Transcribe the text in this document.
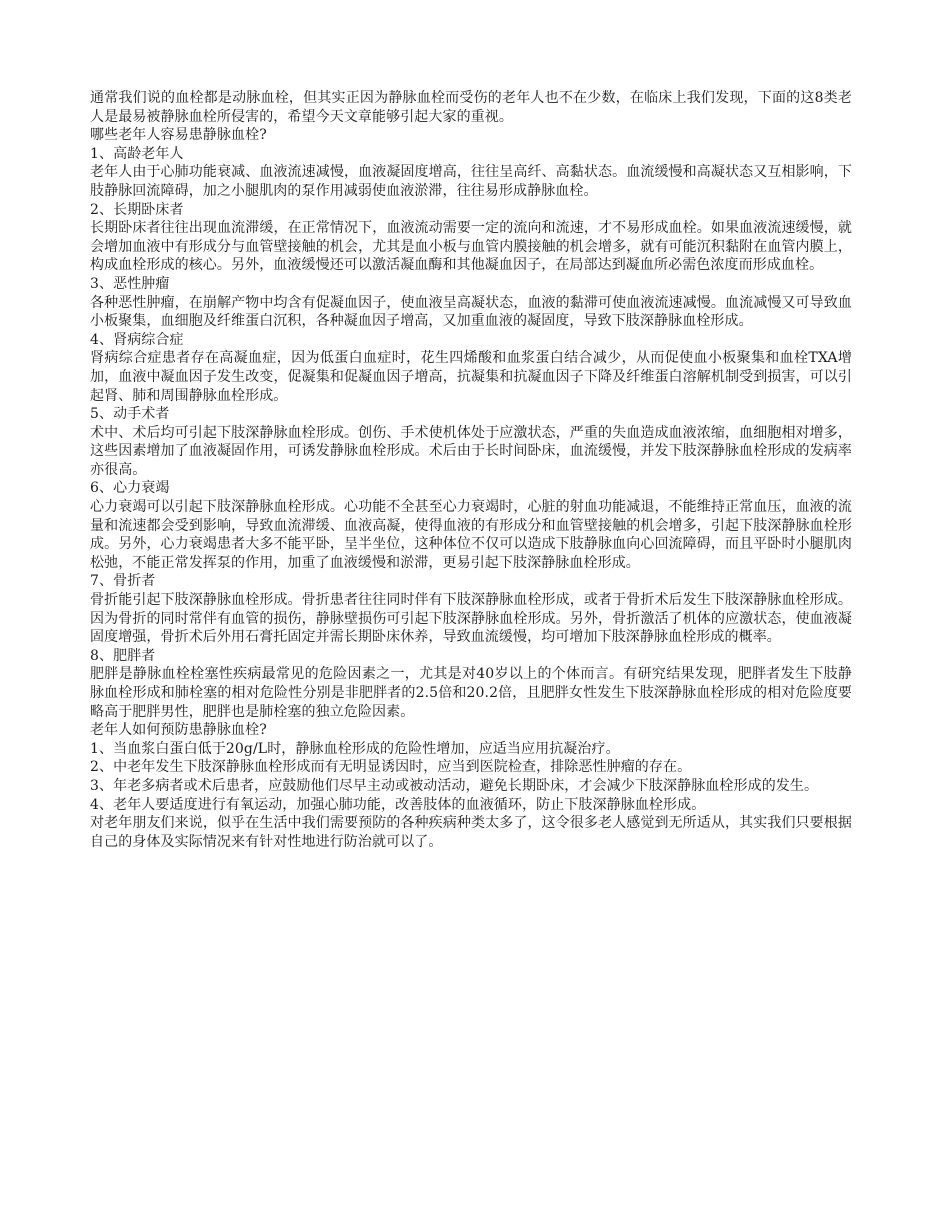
通常我们说的血栓都是动脉血栓，但其实正因为静脉血栓而受伤的老年人也不在少数，在临床上我们发现，下面的这8类老人是最易被静脉血栓所侵害的，希望今天文章能够引起大家的重视。

哪些老年人容易患静脉血栓?

1、高龄老年人

老年人由于心肺功能衰减、血液流速减慢，血液凝固度增高，往往呈高纤、高黏状态。血流缓慢和高凝状态又互相影响，下肢静脉回流障碍，加之小腿肌肉的泵作用减弱使血液淤滞，往往易形成静脉血栓。

2、长期卧床者

长期卧床者往往出现血流滞缓，在正常情况下，血液流动需要一定的流向和流速，才不易形成血栓。如果血液流速缓慢，就会增加血液中有形成分与血管壁接触的机会，尤其是血小板与血管内膜接触的机会增多，就有可能沉积黏附在血管内膜上，构成血栓形成的核心。另外，血液缓慢还可以激活凝血酶和其他凝血因子，在局部达到凝血所必需色浓度而形成血栓。

3、恶性肿瘤

各种恶性肿瘤，在崩解产物中均含有促凝血因子，使血液呈高凝状态，血液的黏滞可使血液流速减慢。血流减慢又可导致血小板聚集，血细胞及纤维蛋白沉积，各种凝血因子增高，又加重血液的凝固度，导致下肢深静脉血栓形成。

4、肾病综合症

肾病综合症患者存在高凝血症，因为低蛋白血症时，花生四烯酸和血浆蛋白结合减少，从而促使血小板聚集和血栓TXA增加，血液中凝血因子发生改变，促凝集和促凝血因子增高，抗凝集和抗凝血因子下降及纤维蛋白溶解机制受到损害，可以引起肾、肺和周围静脉血栓形成。

5、动手术者

术中、术后均可引起下肢深静脉血栓形成。创伤、手术使机体处于应激状态，严重的失血造成血液浓缩，血细胞相对增多，这些因素增加了血液凝固作用，可诱发静脉血栓形成。术后由于长时间卧床，血流缓慢，并发下肢深静脉血栓形成的发病率亦很高。

6、心力衰竭

心力衰竭可以引起下肢深静脉血栓形成。心功能不全甚至心力衰竭时，心脏的射血功能减退，不能维持正常血压，血液的流量和流速都会受到影响，导致血流滞缓、血液高凝，使得血液的有形成分和血管壁接触的机会增多，引起下肢深静脉血栓形成。另外，心力衰竭患者大多不能平卧，呈半坐位，这种体位不仅可以造成下肢静脉血向心回流障碍，而且平卧时小腿肌肉松弛，不能正常发挥泵的作用，加重了血液缓慢和淤滞，更易引起下肢深静脉血栓形成。

7、骨折者

骨折能引起下肢深静脉血栓形成。骨折患者往往同时伴有下肢深静脉血栓形成，或者于骨折术后发生下肢深静脉血栓形成。因为骨折的同时常伴有血管的损伤，静脉壁损伤可引起下肢深静脉血栓形成。另外，骨折激活了机体的应激状态，使血液凝固度增强，骨折术后外用石膏托固定并需长期卧床休养，导致血流缓慢，均可增加下肢深静脉血栓形成的概率。

8、肥胖者

肥胖是静脉血栓栓塞性疾病最常见的危险因素之一，尤其是对40岁以上的个体而言。有研究结果发现，肥胖者发生下肢静脉血栓形成和肺栓塞的相对危险性分别是非肥胖者的2.5倍和20.2倍，且肥胖女性发生下肢深静脉血栓形成的相对危险度要略高于肥胖男性，肥胖也是肺栓塞的独立危险因素。

老年人如何预防患静脉血栓?

1、当血浆白蛋白低于20g/L时，静脉血栓形成的危险性增加，应适当应用抗凝治疗。

2、中老年发生下肢深静脉血栓形成而有无明显诱因时，应当到医院检查，排除恶性肿瘤的存在。

3、年老多病者或术后患者，应鼓励他们尽早主动或被动活动，避免长期卧床，才会减少下肢深静脉血栓形成的发生。

4、老年人要适度进行有氧运动，加强心肺功能，改善肢体的血液循环，防止下肢深静脉血栓形成。

对老年朋友们来说，似乎在生活中我们需要预防的各种疾病种类太多了，这令很多老人感觉到无所适从，其实我们只要根据自己的身体及实际情况来有针对性地进行防治就可以了。
